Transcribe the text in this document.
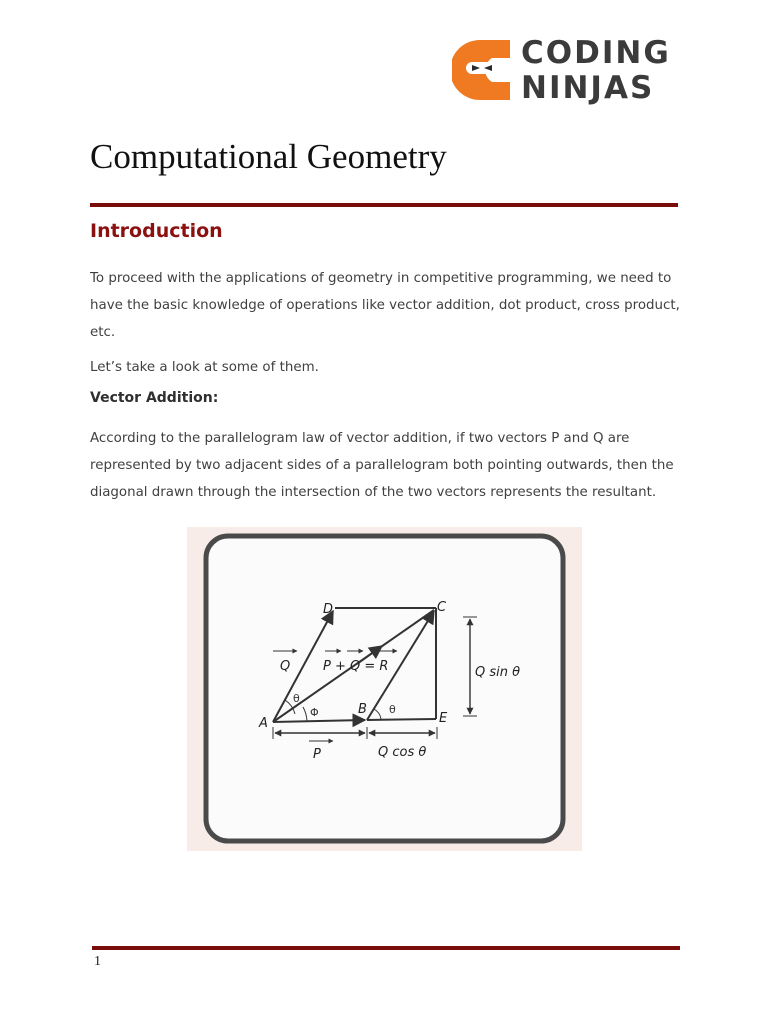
CODING
NINJAS
Computational Geometry
Introduction

To proceed with the applications of geometry in competitive programming, we need to have the basic knowledge of operations like vector addition, dot product, cross product, etc.

Let’s take a look at some of them.

Vector Addition:

According to the parallelogram law of vector addition, if two vectors P and Q are represented by two adjacent sides of a parallelogram both pointing outwards, then the diagonal drawn through the intersection of the two vectors represents the resultant.

D	C
A
B
E
Q	P + Q = R
P
Q sin θ
Q cos θ
θ
Φ	θ
1
